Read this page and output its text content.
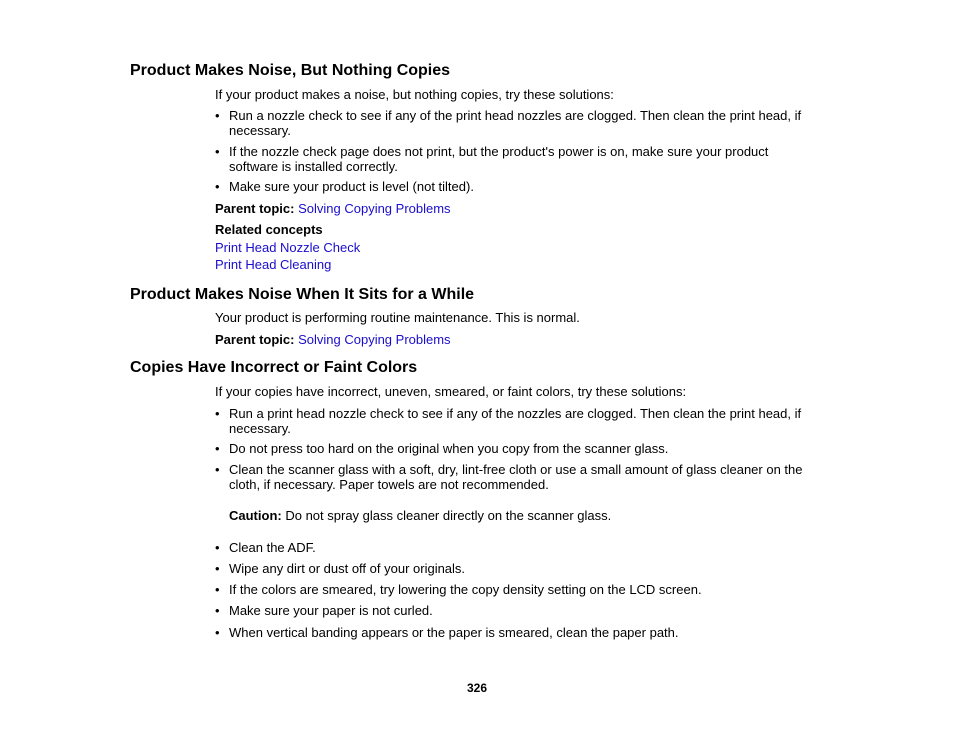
Product Makes Noise, But Nothing Copies
If your product makes a noise, but nothing copies, try these solutions:
• Run a nozzle check to see if any of the print head nozzles are clogged. Then clean the print head, if
necessary.
• If the nozzle check page does not print, but the product's power is on, make sure your product
software is installed correctly.
• Make sure your product is level (not tilted).
Parent topic: Solving Copying Problems
Related concepts
Print Head Nozzle Check
Print Head Cleaning
Product Makes Noise When It Sits for a While
Your product is performing routine maintenance. This is normal.
Parent topic: Solving Copying Problems
Copies Have Incorrect or Faint Colors
If your copies have incorrect, uneven, smeared, or faint colors, try these solutions:
• Run a print head nozzle check to see if any of the nozzles are clogged. Then clean the print head, if
necessary.
• Do not press too hard on the original when you copy from the scanner glass.
• Clean the scanner glass with a soft, dry, lint-free cloth or use a small amount of glass cleaner on the
cloth, if necessary. Paper towels are not recommended.
Caution: Do not spray glass cleaner directly on the scanner glass.
• Clean the ADF.
• Wipe any dirt or dust off of your originals.
• If the colors are smeared, try lowering the copy density setting on the LCD screen.
• Make sure your paper is not curled.
• When vertical banding appears or the paper is smeared, clean the paper path.
326
